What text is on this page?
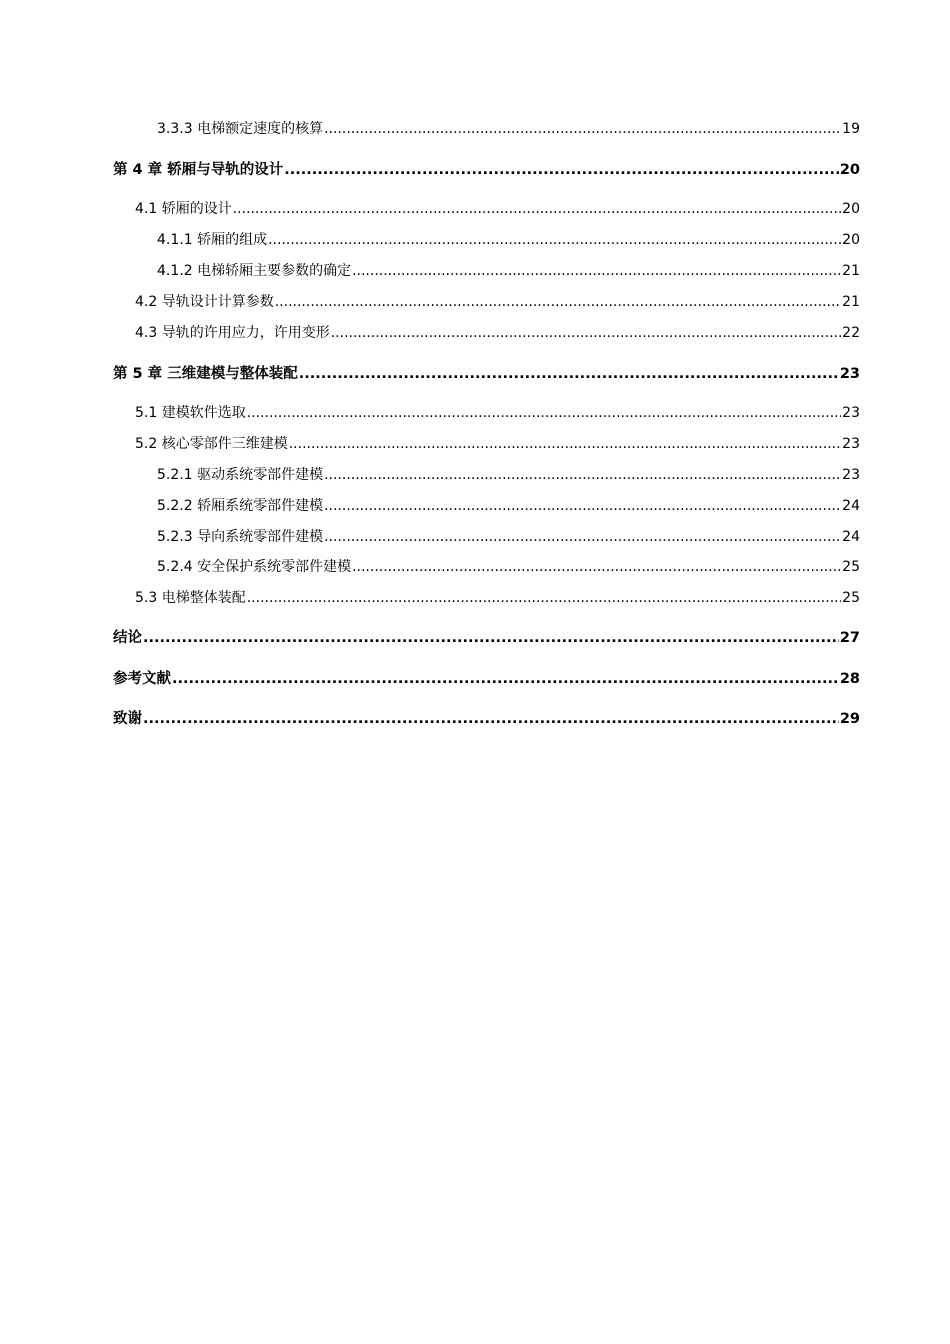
3.3.3 电梯额定速度的核算 .....	19
第 4 章 轿厢与导轨的设计 .....	20
4.1 轿厢的设计 .....	20
4.1.1 轿厢的组成 .....	20
4.1.2 电梯轿厢主要参数的确定 .....	21
4.2 导轨设计计算参数 .....	21
4.3 导轨的许用应力，许用变形 .....	22
第 5 章 三维建模与整体装配 .....	23
5.1 建模软件选取 .....	23
5.2 核心零部件三维建模 .....	23
5.2.1 驱动系统零部件建模 .....	23
5.2.2 轿厢系统零部件建模 .....	24
5.2.3 导向系统零部件建模 .....	24
5.2.4 安全保护系统零部件建模 .....	25
5.3 电梯整体装配 .....	25
结论 .....	27
参考文献 .....	28
致谢 .....	29
